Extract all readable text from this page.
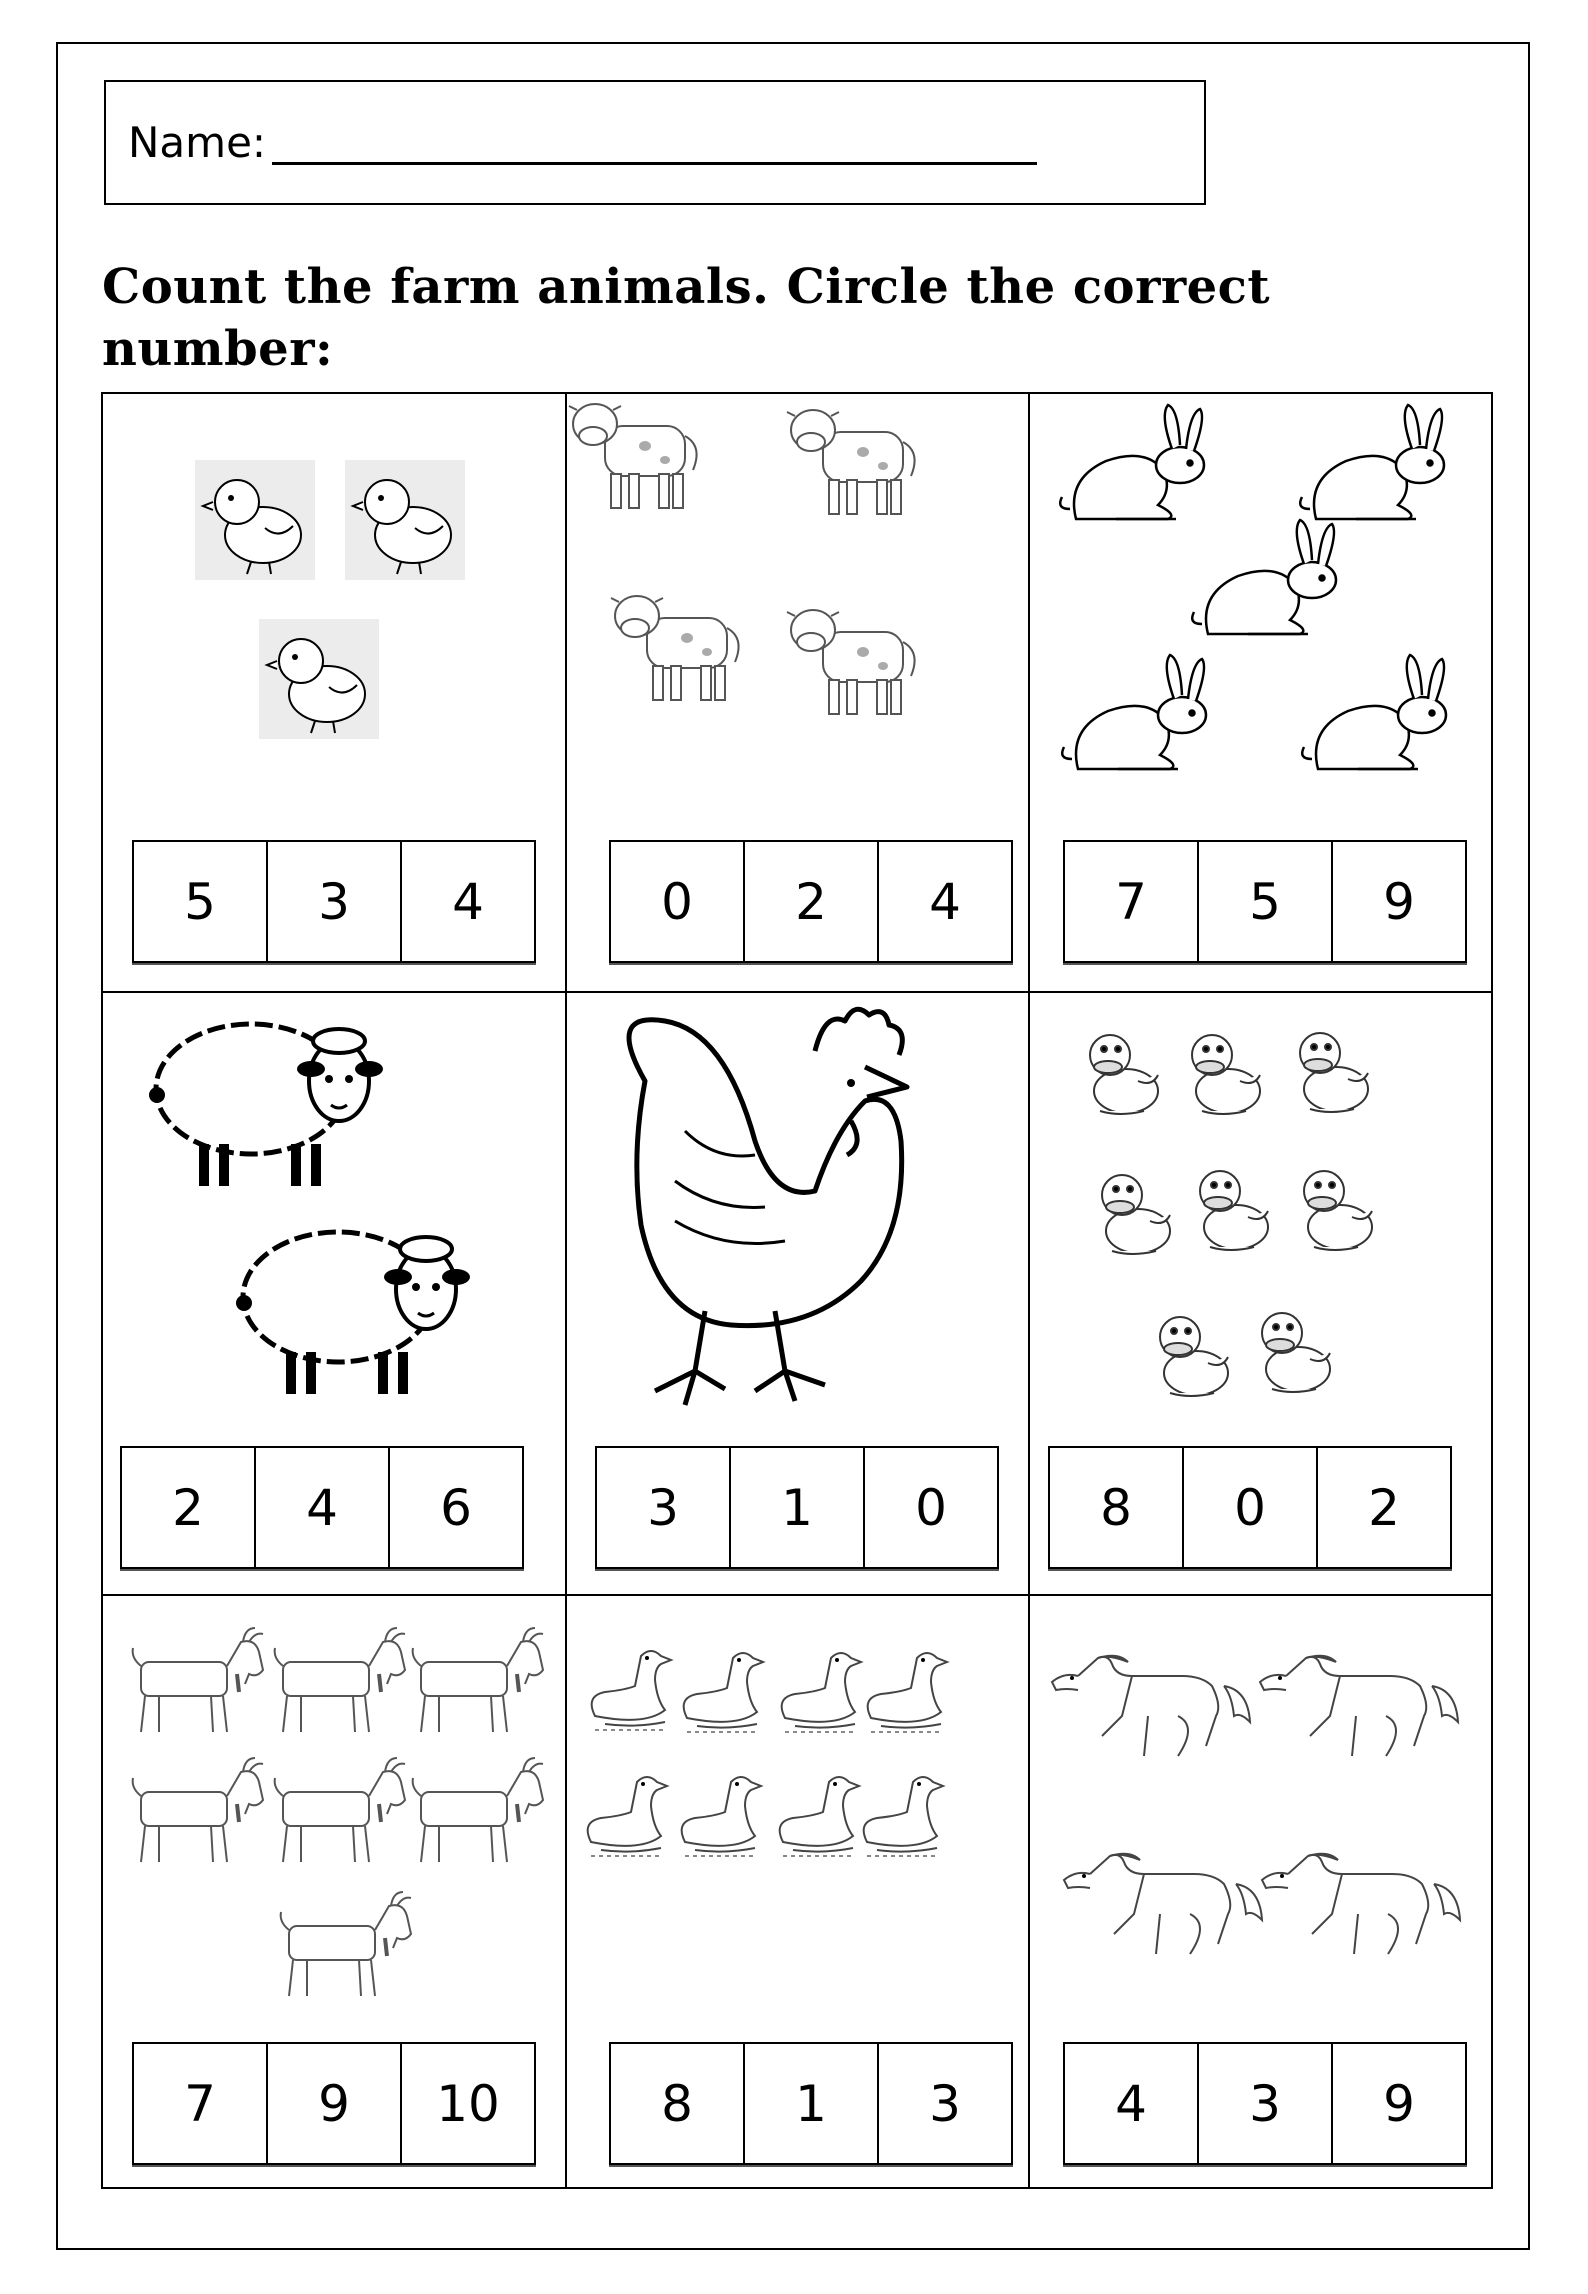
Name:
Count the farm animals. Circle the correct number:
5	3	4	0	2	4	7	5	9
2	4	6	3	1	0	8	0	2
7	9	10	8	1	3	4	3	9
